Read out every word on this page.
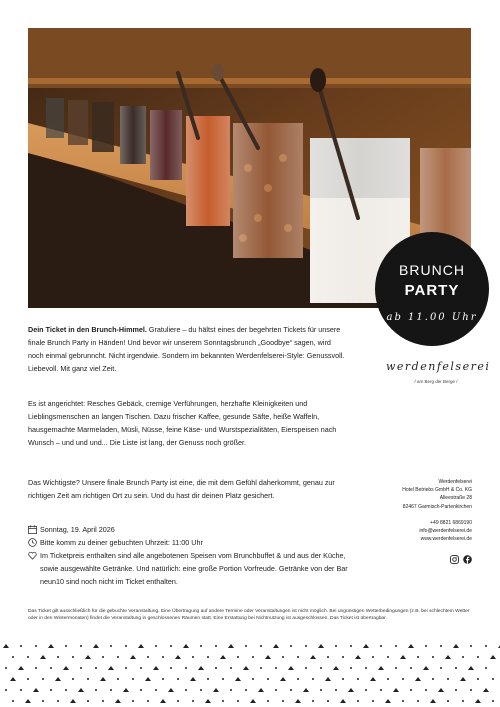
BRUNCH
PARTY
ab 11.00 Uhr
werdenfelserei
/ am Berg der Berge /
Dein Ticket in den Brunch-Himmel. Gratuliere – du hältst eines der begehrten Tickets für unsere finale Brunch Party in Händen! Und bevor wir unserem Sonntagsbrunch „Goodbye“ sagen, wird noch einmal gebrunncht. Nicht irgendwie. Sondern im bekannten Werdenfelserei-Style: Genussvoll. Liebevoll. Mit ganz viel Zeit.
Es ist angerichtet: Resches Gebäck, cremige Verführungen, herzhafte Kleinigkeiten und Lieblingsmenschen an langen Tischen. Dazu frischer Kaffee, gesunde Säfte, heiße Waffeln, hausgemachte Marmeladen, Müsli, Nüsse, feine Käse- und Wurstspezialitäten, Eierspeisen nach Wunsch – und und und... Die Liste ist lang, der Genuss noch größer.
Das Wichtigste? Unsere finale Brunch Party ist eine, die mit dem Gefühl daherkommt, genau zur richtigen Zeit am richtigen Ort zu sein. Und du hast dir deinen Platz gesichert.
Sonntag, 19. April 2026
Bitte komm zu deiner gebuchten Uhrzeit: 11:00 Uhr
Im Ticketpreis enthalten sind alle angebotenen Speisen vom Brunchbuffet & und aus der Küche, sowie ausgewählte Getränke. Und natürlich: eine große Portion Vorfreude. Getränke von der Bar neun10 sind noch nicht im Ticket enthalten.
Das Ticket gilt ausschließlich für die gebuchte Veranstaltung. Eine Übertragung auf andere Termine oder Veranstaltungen ist nicht möglich. Bei ungünstigen Wetterbedingungen (z.B. bei schlechtem Wetter oder in den Wintermonaten) findet die Veranstaltung in geschlossenen Räumen statt. Eine Erstattung bei Nichtnutzung ist ausgeschlossen. Das Ticket ist übertragbar.
Werdenfelserei
Hotel Betriebs GmbH & Co. KG
Alleestraße 28
82467 Garmisch-Partenkirchen
+49 8821 6869190
info@werdenfelserei.de
www.werdenfelserei.de
